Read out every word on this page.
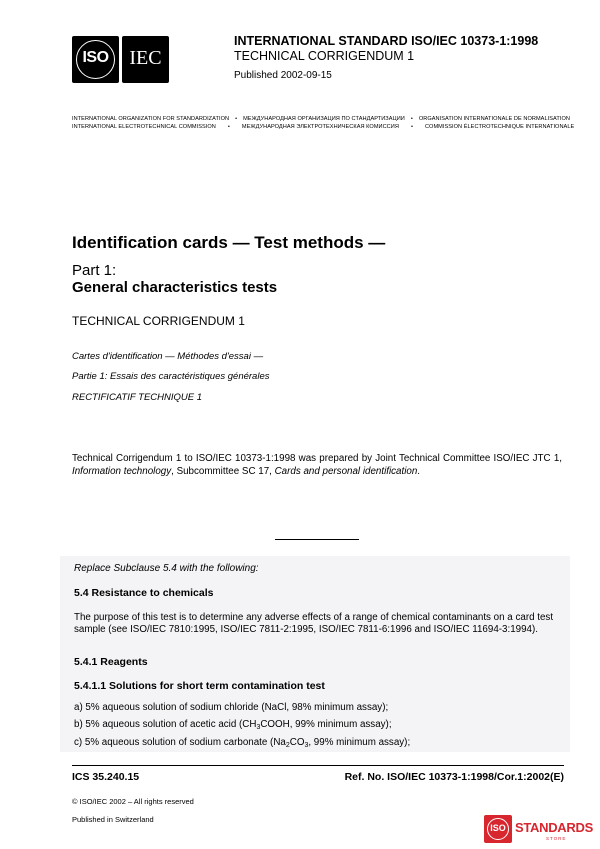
ISO	IEC
INTERNATIONAL STANDARD ISO/IEC 10373-1:1998
TECHNICAL CORRIGENDUM 1
Published 2002-09-15
INTERNATIONAL ORGANIZATION FOR STANDARDIZATION • МЕЖДУНАРОДНАЯ ОРГАНИЗАЦИЯ ПО СТАНДАРТИЗАЦИИ • ORGANISATION INTERNATIONALE DE NORMALISATION
INTERNATIONAL ELECTROTECHNICAL COMMISSION • МЕЖДУНАРОДНАЯ ЭЛЕКТРОТЕХНИЧЕСКАЯ КОМИССИЯ • COMMISSION ÉLECTROTECHNIQUE INTERNATIONALE
Identification cards — Test methods —
Part 1:
General characteristics tests
TECHNICAL CORRIGENDUM 1
Cartes d'identification — Méthodes d'essai —
Partie 1: Essais des caractéristiques générales
RECTIFICATIF TECHNIQUE 1
Technical Corrigendum 1 to ISO/IEC 10373-1:1998 was prepared by Joint Technical Committee ISO/IEC JTC 1, Information technology, Subcommittee SC 17, Cards and personal identification.
Replace Subclause 5.4 with the following:
5.4 Resistance to chemicals
The purpose of this test is to determine any adverse effects of a range of chemical contaminants on a card test sample (see ISO/IEC 7810:1995, ISO/IEC 7811-2:1995, ISO/IEC 7811-6:1996 and ISO/IEC 11694-3:1994).
5.4.1 Reagents
5.4.1.1 Solutions for short term contamination test
a) 5% aqueous solution of sodium chloride (NaCl, 98% minimum assay);
b) 5% aqueous solution of acetic acid ($CH_3COOH$, 99% minimum assay);
c) 5% aqueous solution of sodium carbonate ($Na_2CO_3$, 99% minimum assay);
ICS 35.240.15	Ref. No. ISO/IEC 10373-1:1998/Cor.1:2002(E)
© ISO/IEC 2002 – All rights reserved
Published in Switzerland
ISO STANDARDS
STORE
